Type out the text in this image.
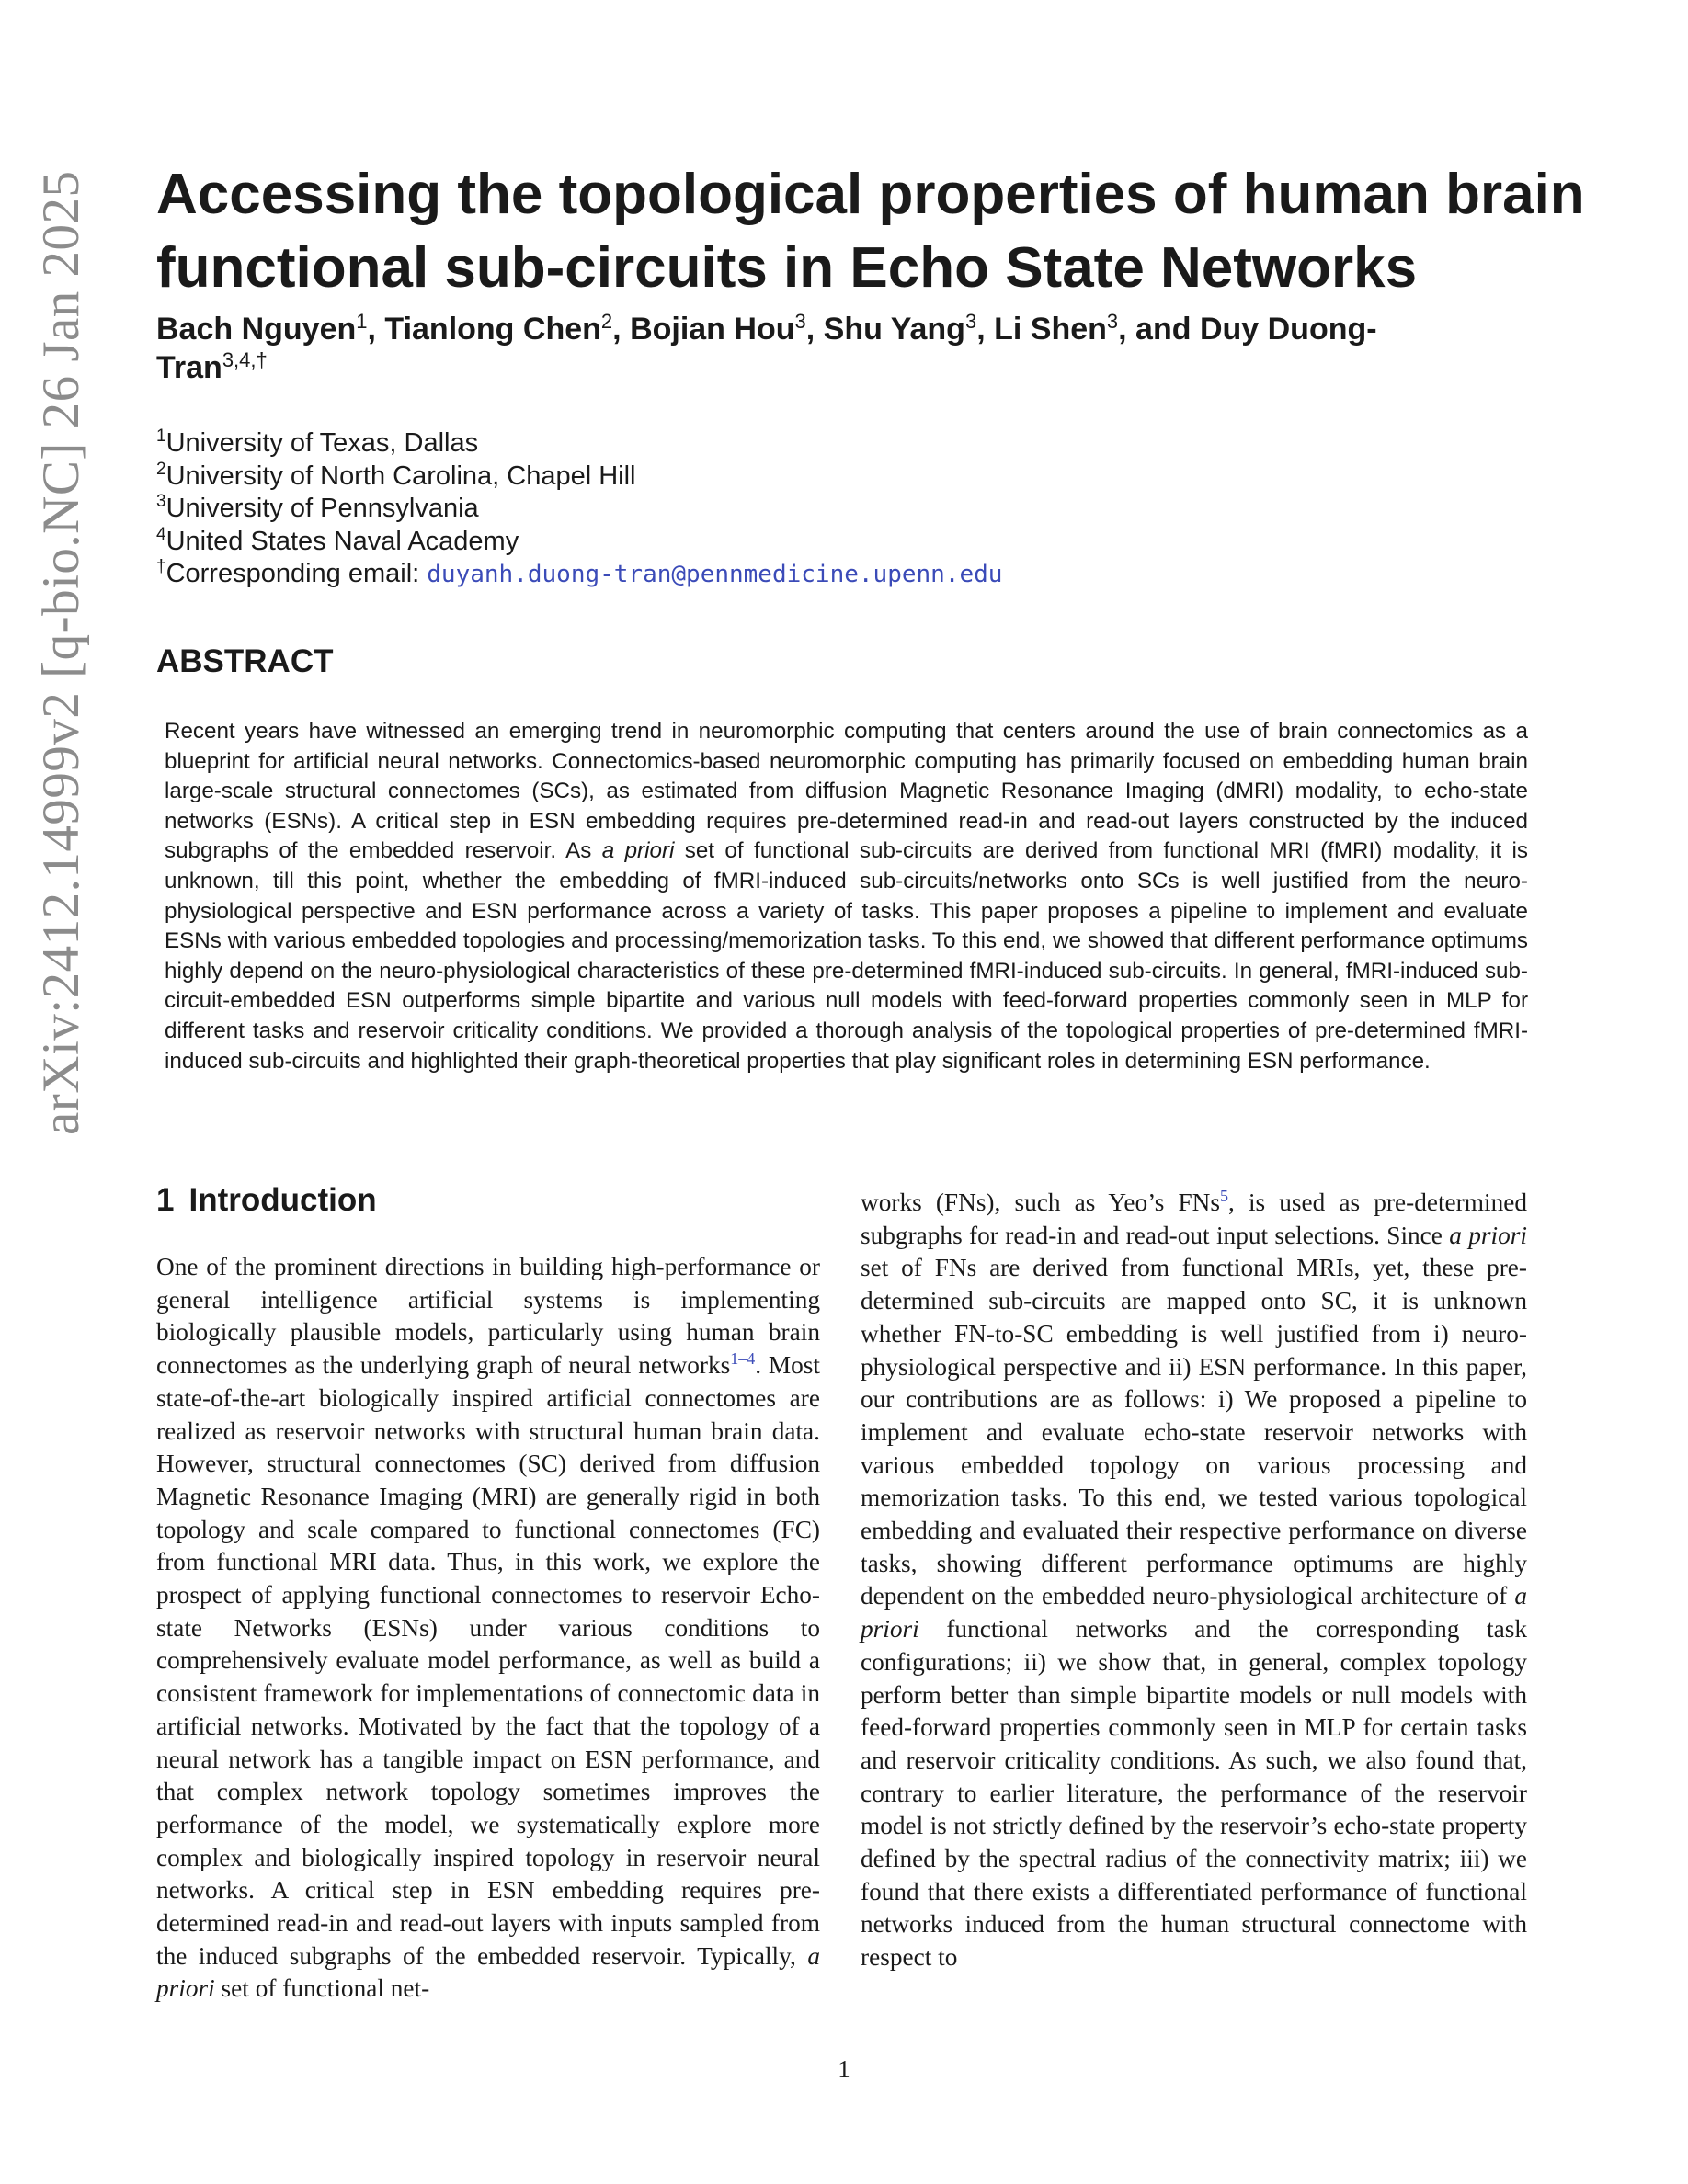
arXiv:2412.14999v2 [q-bio.NC] 26 Jan 2025 Accessing the topological properties of human brain functional sub-circuits in Echo State Networks

Bach Nguyen$^1$, Tianlong Chen$^2$, Bojian Hou$^3$, Shu Yang$^3$, Li Shen$^3$, and Duy Duong-Tran$^{3,4,\dagger}$

$^1$University of Texas, Dallas
$^2$University of North Carolina, Chapel Hill
$^3$University of Pennsylvania
$^4$United States Naval Academy
†Corresponding email: duyanh.duong-tran@pennmedicine.upenn.edu
ABSTRACT

Recent years have witnessed an emerging trend in neuromorphic computing that centers around the use of brain connectomics as a blueprint for artificial neural networks. Connectomics-based neuromorphic computing has primarily focused on embedding human brain large-scale structural connectomes (SCs), as estimated from diffusion Magnetic Resonance Imaging (dMRI) modality, to echo-state networks (ESNs). A critical step in ESN embedding requires pre-determined read-in and read-out layers constructed by the induced subgraphs of the embedded reservoir. As a priori set of functional sub-circuits are derived from functional MRI (fMRI) modality, it is unknown, till this point, whether the embedding of fMRI-induced sub-circuits/networks onto SCs is well justified from the neuro-physiological perspective and ESN performance across a variety of tasks. This paper proposes a pipeline to implement and evaluate ESNs with various embedded topologies and processing/memorization tasks. To this end, we showed that different performance optimums highly depend on the neuro-physiological characteristics of these pre-determined fMRI-induced sub-circuits. In general, fMRI-induced sub-circuit-embedded ESN outperforms simple bipartite and various null models with feed-forward properties commonly seen in MLP for different tasks and reservoir criticality conditions. We provided a thorough analysis of the topological properties of pre-determined fMRI-induced sub-circuits and highlighted their graph-theoretical properties that play significant roles in determining ESN performance.

1 Introduction

One of the prominent directions in building high-performance or general intelligence artificial systems is implementing biologically plausible models, particularly using human brain connectomes as the underlying graph of neural networks$^{1-4}$. Most state-of-the-art biologically inspired artificial connectomes are realized as reservoir networks with structural human brain data. However, structural connectomes (SC) derived from diffusion Magnetic Resonance Imaging (MRI) are generally rigid in both topology and scale compared to functional connectomes (FC) from functional MRI data. Thus, in this work, we explore the prospect of applying functional connectomes to reservoir Echo-state Networks (ESNs) under various conditions to comprehensively evaluate model performance, as well as build a consistent framework for implementations of connectomic data in artificial networks. Motivated by the fact that the topology of a neural network has a tangible impact on ESN performance, and that complex network topology sometimes improves the performance of the model, we systematically explore more complex and biologically inspired topology in reservoir neural networks. A critical step in ESN embedding requires pre-determined read-in and read-out layers with inputs sampled from the induced subgraphs of the embedded reservoir. Typically, a priori set of functional net-

works (FNs), such as Yeo’s FNs$^5$, is used as pre-determined subgraphs for read-in and read-out input selections. Since a priori set of FNs are derived from functional MRIs, yet, these pre-determined sub-circuits are mapped onto SC, it is unknown whether FN-to-SC embedding is well justified from i) neuro-physiological perspective and ii) ESN performance. In this paper, our contributions are as follows: i) We proposed a pipeline to implement and evaluate echo-state reservoir networks with various embedded topology on various processing and memorization tasks. To this end, we tested various topological embedding and evaluated their respective performance on diverse tasks, showing different performance optimums are highly dependent on the embedded neuro-physiological architecture of a priori functional networks and the corresponding task configurations; ii) we show that, in general, complex topology perform better than simple bipartite models or null models with feed-forward properties commonly seen in MLP for certain tasks and reservoir criticality conditions. As such, we also found that, contrary to earlier literature, the performance of the reservoir model is not strictly defined by the reservoir’s echo-state property defined by the spectral radius of the connectivity matrix; iii) we found that there exists a differentiated performance of functional networks induced from the human structural connectome with respect to

1
